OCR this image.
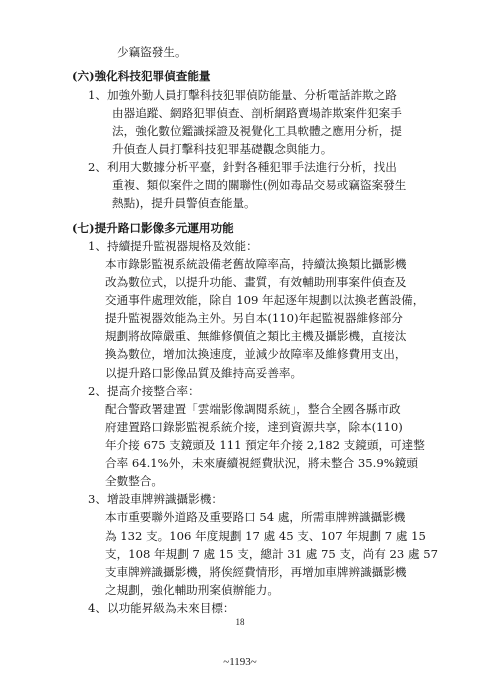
少竊盜發生。
(六)強化科技犯罪偵查能量
1、加強外勤人員打擊科技犯罪偵防能量、分析電話詐欺之路
由器追蹤、網路犯罪偵查、剖析網路賣場詐欺案件犯案手
法，強化數位鑑識採證及視覺化工具軟體之應用分析，提
升偵查人員打擊科技犯罪基礎觀念與能力。
2、利用大數據分析平臺，針對各種犯罪手法進行分析，找出
重複、類似案件之間的關聯性(例如毒品交易或竊盜案發生
熱點)，提升員警偵查能量。
(七)提升路口影像多元運用功能
1、持續提升監視器規格及效能：
本市錄影監視系統設備老舊故障率高，持續汰換類比攝影機
改為數位式，以提升功能、畫質，有效輔助刑事案件偵查及
交通事件處理效能，除自 109 年起逐年規劃以汰換老舊設備，
提升監視器效能為主外。另自本(110)年起監視器維修部分
規劃將故障嚴重、無維修價值之類比主機及攝影機，直接汰
換為數位，增加汰換速度，並減少故障率及維修費用支出，
以提升路口影像品質及維持高妥善率。
2、提高介接整合率：
配合警政署建置「雲端影像調閱系統」，整合全國各縣市政
府建置路口錄影監視系統介接，達到資源共享，除本(110)
年介接 675 支鏡頭及 111 預定年介接 2,182 支鏡頭，可達整
合率 64.1%外，未來賡續視經費狀況，將未整合 35.9%鏡頭
全數整合。
3、增設車牌辨識攝影機：
本市重要聯外道路及重要路口 54 處，所需車牌辨識攝影機
為 132 支。106 年度規劃 17 處 45 支、107 年規劃 7 處 15
支，108 年規劃 7 處 15 支，總計 31 處 75 支，尚有 23 處 57
支車牌辨識攝影機，將俟經費情形，再增加車牌辨識攝影機
之規劃，強化輔助刑案偵辦能力。
4、以功能昇級為未來目標：
18
~1193~
